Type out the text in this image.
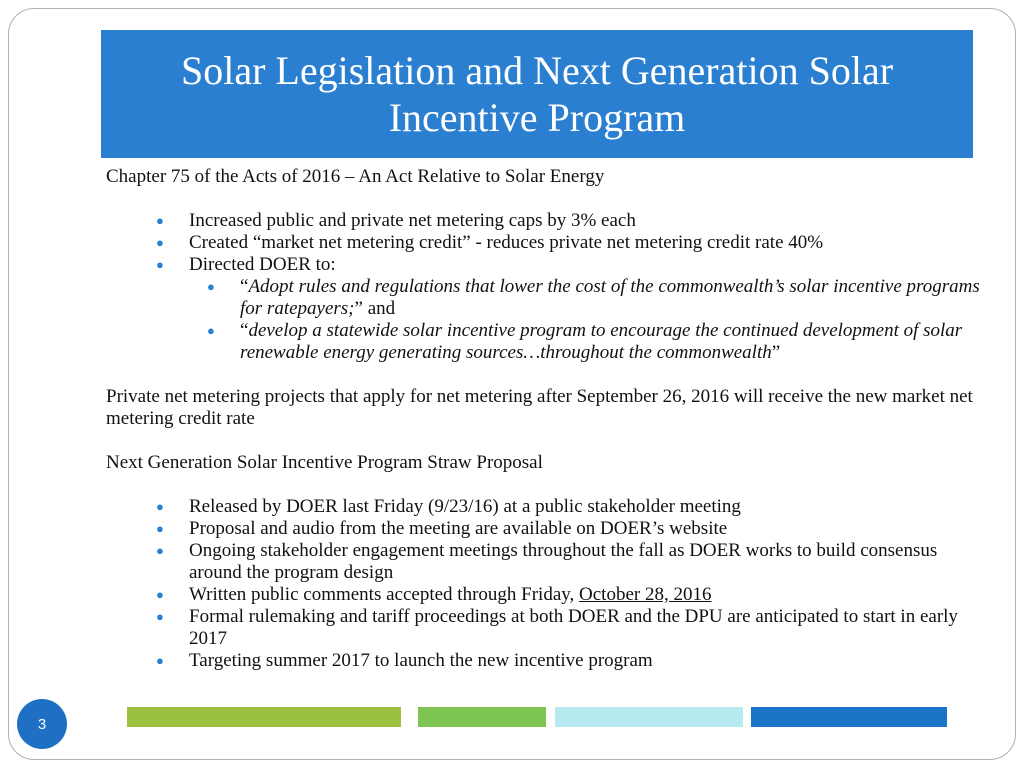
Solar Legislation and Next Generation Solar
Incentive Program

Chapter 75 of the Acts of 2016 – An Act Relative to Solar Energy

● Increased public and private net metering caps by 3% each
● Created “market net metering credit” - reduces private net metering credit rate 40%
● Directed DOER to:
● “Adopt rules and regulations that lower the cost of the commonwealth’s solar incentive programs for ratepayers;” and
● “develop a statewide solar incentive program to encourage the continued development of solar renewable energy generating sources…throughout the commonwealth”

Private net metering projects that apply for net metering after September 26, 2016 will receive the new market net metering credit rate

Next Generation Solar Incentive Program Straw Proposal

● Released by DOER last Friday (9/23/16) at a public stakeholder meeting
● Proposal and audio from the meeting are available on DOER’s website
● Ongoing stakeholder engagement meetings throughout the fall as DOER works to build consensus around the program design
● Written public comments accepted through Friday, October 28, 2016
● Formal rulemaking and tariff proceedings at both DOER and the DPU are anticipated to start in early 2017
● Targeting summer 2017 to launch the new incentive program
3
